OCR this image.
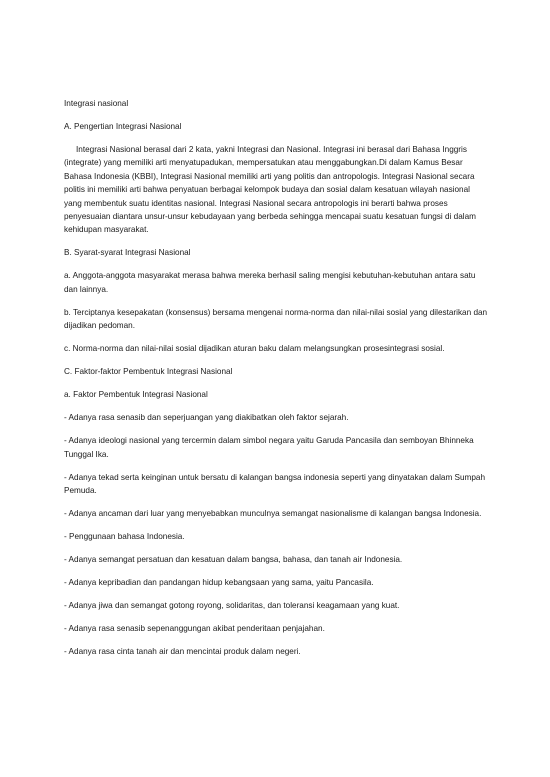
Integrasi nasional

A. Pengertian Integrasi Nasional

Integrasi Nasional berasal dari 2 kata, yakni Integrasi dan Nasional. Integrasi ini berasal dari Bahasa Inggris (integrate) yang memiliki arti menyatupadukan, mempersatukan atau menggabungkan.Di dalam Kamus Besar Bahasa Indonesia (KBBI), Integrasi Nasional memiliki arti yang politis dan antropologis. Integrasi Nasional secara politis ini memiliki arti bahwa penyatuan berbagai kelompok budaya dan sosial dalam kesatuan wilayah nasional yang membentuk suatu identitas nasional. Integrasi Nasional secara antropologis ini berarti bahwa proses penyesuaian diantara unsur-unsur kebudayaan yang berbeda sehingga mencapai suatu kesatuan fungsi di dalam kehidupan masyarakat.

B. Syarat-syarat Integrasi Nasional

a. Anggota-anggota masyarakat merasa bahwa mereka berhasil saling mengisi kebutuhan-kebutuhan antara satu dan lainnya.

b. Terciptanya kesepakatan (konsensus) bersama mengenai norma-norma dan nilai-nilai sosial yang dilestarikan dan dijadikan pedoman.

c. Norma-norma dan nilai-nilai sosial dijadikan aturan baku dalam melangsungkan prosesintegrasi sosial.

C. Faktor-faktor Pembentuk Integrasi Nasional

a. Faktor Pembentuk Integrasi Nasional

- Adanya rasa senasib dan seperjuangan yang diakibatkan oleh faktor sejarah.

- Adanya ideologi nasional yang tercermin dalam simbol negara yaitu Garuda Pancasila dan semboyan Bhinneka Tunggal Ika.

- Adanya tekad serta keinginan untuk bersatu di kalangan bangsa indonesia seperti yang dinyatakan dalam Sumpah Pemuda.

- Adanya ancaman dari luar yang menyebabkan munculnya semangat nasionalisme di kalangan bangsa Indonesia.

- Penggunaan bahasa Indonesia.

- Adanya semangat persatuan dan kesatuan dalam bangsa, bahasa, dan tanah air Indonesia.

- Adanya kepribadian dan pandangan hidup kebangsaan yang sama, yaitu Pancasila.

- Adanya jiwa dan semangat gotong royong, solidaritas, dan toleransi keagamaan yang kuat.

- Adanya rasa senasib sepenanggungan akibat penderitaan penjajahan.

- Adanya rasa cinta tanah air dan mencintai produk dalam negeri.
